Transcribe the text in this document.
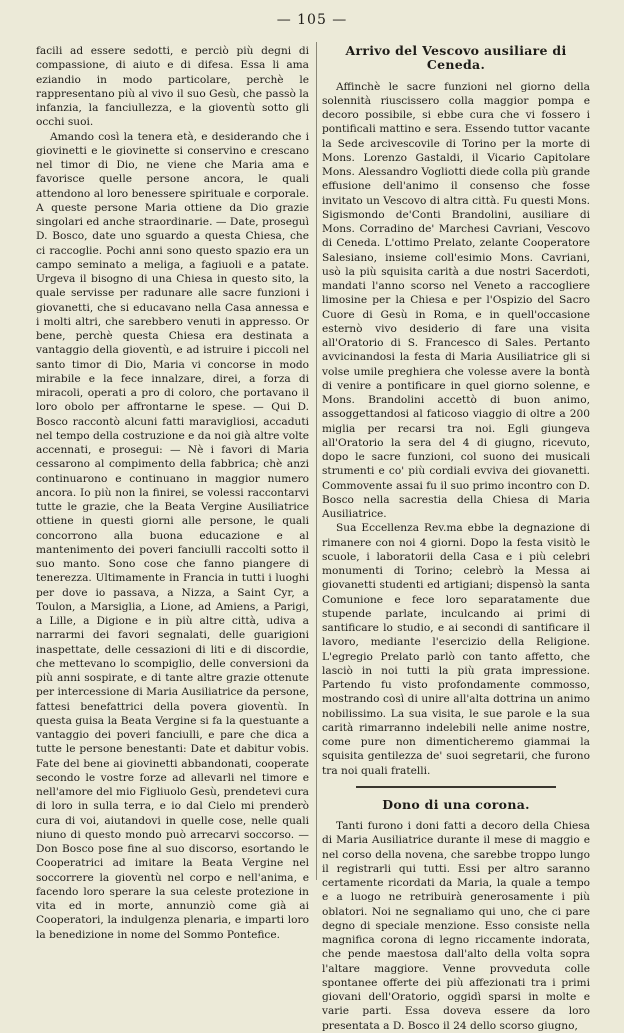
— 105 —

facili ad essere sedotti, e perciò più degni di compassione, di aiuto e di difesa. Essa li ama eziandio in modo particolare, perchè le rappresentano più al vivo il suo Gesù, che passò la infanzia, la fanciullezza, e la gioventù sotto gli occhi suoi.

Amando così la tenera età, e desiderando che i giovinetti e le giovinette si conservino e crescano nel timor di Dio, ne viene che Maria ama e favorisce quelle persone ancora, le quali attendono al loro benessere spirituale e corporale. A queste persone Maria ottiene da Dio grazie singolari ed anche straordinarie. — Date, proseguì D. Bosco, date uno sguardo a questa Chiesa, che ci raccoglie. Pochi anni sono questo spazio era un campo seminato a meliga, a fagiuoli e a patate. Urgeva il bisogno di una Chiesa in questo sito, la quale servisse per radunare alle sacre funzioni i giovanetti, che si educavano nella Casa annessa e i molti altri, che sarebbero venuti in appresso. Or bene, perchè questa Chiesa era destinata a vantaggio della gioventù, e ad istruire i piccoli nel santo timor di Dio, Maria vi concorse in modo mirabile e la fece innalzare, direi, a forza di miracoli, operati a pro di coloro, che portavano il loro obolo per affrontarne le spese. — Qui D. Bosco raccontò alcuni fatti maravigliosi, accaduti nel tempo della costruzione e da noi già altre volte accennati, e prosegui: — Nè i favori di Maria cessarono al compimento della fabbrica; chè anzi continuarono e continuano in maggior numero ancora. Io più non la finirei, se volessi raccontarvi tutte le grazie, che la Beata Vergine Ausiliatrice ottiene in questi giorni alle persone, le quali concorrono alla buona educazione e al mantenimento dei poveri fanciulli raccolti sotto il suo manto. Sono cose che fanno piangere di tenerezza. Ultimamente in Francia in tutti i luoghi per dove io passava, a Nizza, a Saint Cyr, a Toulon, a Marsiglia, a Lione, ad Amiens, a Parigi, a Lille, a Digione e in più altre città, udiva a narrarmi dei favori segnalati, delle guarigioni inaspettate, delle cessazioni di liti e di discordie, che mettevano lo scompiglio, delle conversioni da più anni sospirate, e di tante altre grazie ottenute per intercessione di Maria Ausiliatrice da persone, fattesi benefattrici della povera gioventù. In questa guisa la Beata Vergine si fa la questuante a vantaggio dei poveri fanciulli, e pare che dica a tutte le persone benestanti: Date et dabitur vobis. Fate del bene ai giovinetti abbandonati, cooperate secondo le vostre forze ad allevarli nel timore e nell'amore del mio Figliuolo Gesù, prendetevi cura di loro in sulla terra, e io dal Cielo mi prenderò cura di voi, aiutandovi in quelle cose, nelle quali niuno di questo mondo può arrecarvi soccorso. — Don Bosco pose fine al suo discorso, esortando le Cooperatrici ad imitare la Beata Vergine nel soccorrere la gioventù nel corpo e nell'anima, e facendo loro sperare la sua celeste protezione in vita ed in morte, annunziò come già ai Cooperatori, la indulgenza plenaria, e imparti loro la benedizione in nome del Sommo Pontefice.

Arrivo del Vescovo ausiliare di Ceneda.

Affinchè le sacre funzioni nel giorno della solennità riuscissero colla maggior pompa e decoro possibile, si ebbe cura che vi fossero i pontificali mattino e sera. Essendo tuttor vacante la Sede arcivescovile di Torino per la morte di Mons. Lorenzo Gastaldi, il Vicario Capitolare Mons. Alessandro Vogliotti diede colla più grande effusione dell'animo il consenso che fosse invitato un Vescovo di altra città. Fu questi Mons. Sigismondo de'Conti Brandolini, ausiliare di Mons. Corradino de' Marchesi Cavriani, Vescovo di Ceneda. L'ottimo Prelato, zelante Cooperatore Salesiano, insieme coll'esimio Mons. Cavriani, usò la più squisita carità a due nostri Sacerdoti, mandati l'anno scorso nel Veneto a raccogliere limosine per la Chiesa e per l'Ospizio del Sacro Cuore di Gesù in Roma, e in quell'occasione esternò vivo desiderio di fare una visita all'Oratorio di S. Francesco di Sales. Pertanto avvicinandosi la festa di Maria Ausiliatrice gli si volse umile preghiera che volesse avere la bontà di venire a pontificare in quel giorno solenne, e Mons. Brandolini accettò di buon animo, assoggettandosi al faticoso viaggio di oltre a 200 miglia per recarsi tra noi. Egli giungeva all'Oratorio la sera del 4 di giugno, ricevuto, dopo le sacre funzioni, col suono dei musicali strumenti e co' più cordiali evviva dei giovanetti. Commovente assai fu il suo primo incontro con D. Bosco nella sacrestia della Chiesa di Maria Ausiliatrice.

Sua Eccellenza Rev.ma ebbe la degnazione di rimanere con noi 4 giorni. Dopo la festa visitò le scuole, i laboratorii della Casa e i più celebri monumenti di Torino; celebrò la Messa ai giovanetti studenti ed artigiani; dispensò la santa Comunione e fece loro separatamente due stupende parlate, inculcando ai primi di santificare lo studio, e ai secondi di santificare il lavoro, mediante l'esercizio della Religione. L'egregio Prelato parlò con tanto affetto, che lasciò in noi tutti la più grata impressione. Partendo fu visto profondamente commosso, mostrando così di unire all'alta dottrina un animo nobilissimo. La sua visita, le sue parole e la sua carità rimarranno indelebili nelle anime nostre, come pure non dimenticheremo giammai la squisita gentilezza de' suoi segretarii, che furono tra noi quali fratelli.

Dono di una corona.

Tanti furono i doni fatti a decoro della Chiesa di Maria Ausiliatrice durante il mese di maggio e nel corso della novena, che sarebbe troppo lungo il registrarli qui tutti. Essi per altro saranno certamente ricordati da Maria, la quale a tempo e a luogo ne retribuirà generosamente i più oblatori. Noi ne segnaliamo qui uno, che ci pare degno di speciale menzione. Esso consiste nella magnifica corona di legno riccamente indorata, che pende maestosa dall'alto della volta sopra l'altare maggiore. Venne provveduta colle spontanee offerte dei più affezionati tra i primi giovani dell'Oratorio, oggidì sparsi in molte e varie parti. Essa doveva essere da loro presentata a D. Bosco il 24 dello scorso giugno,
